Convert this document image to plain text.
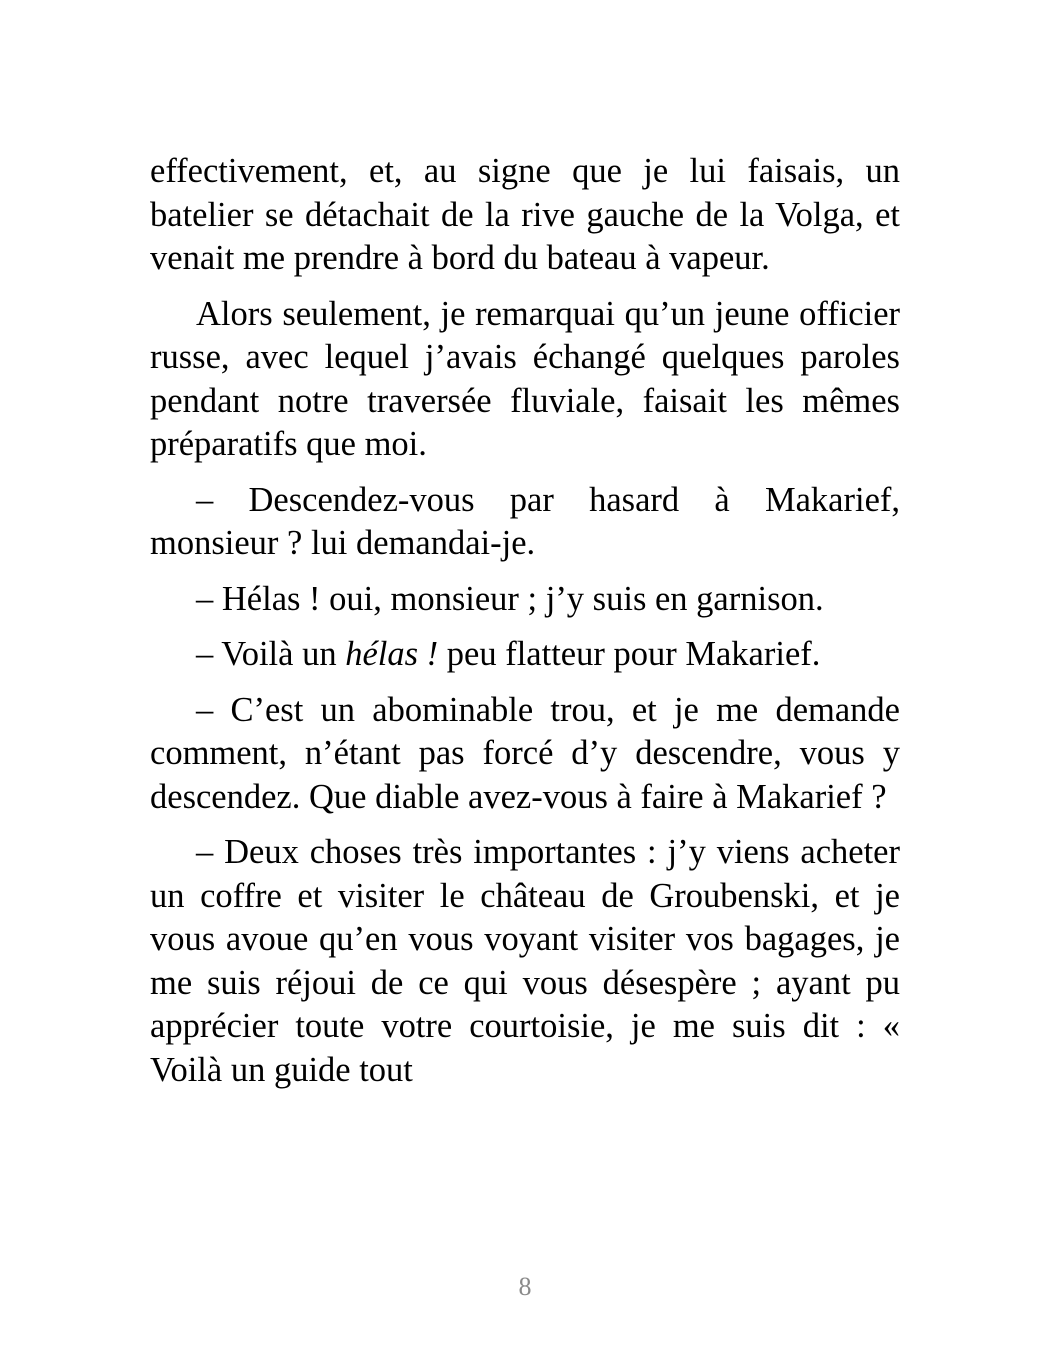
effectivement, et, au signe que je lui faisais, un batelier se détachait de la rive gauche de la Volga, et venait me prendre à bord du bateau à vapeur.

Alors seulement, je remarquai qu’un jeune officier russe, avec lequel j’avais échangé quelques paroles pendant notre traversée fluviale, faisait les mêmes préparatifs que moi.

– Descendez-vous par hasard à Makarief, monsieur ? lui demandai-je.

– Hélas ! oui, monsieur ; j’y suis en garnison.

– Voilà un hélas ! peu flatteur pour Makarief.

– C’est un abominable trou, et je me demande comment, n’étant pas forcé d’y descendre, vous y descendez. Que diable avez-vous à faire à Makarief ?

– Deux choses très importantes : j’y viens acheter un coffre et visiter le château de Groubenski, et je vous avoue qu’en vous voyant visiter vos bagages, je me suis réjoui de ce qui vous désespère ; ayant pu apprécier toute votre courtoisie, je me suis dit : « Voilà un guide tout

8
